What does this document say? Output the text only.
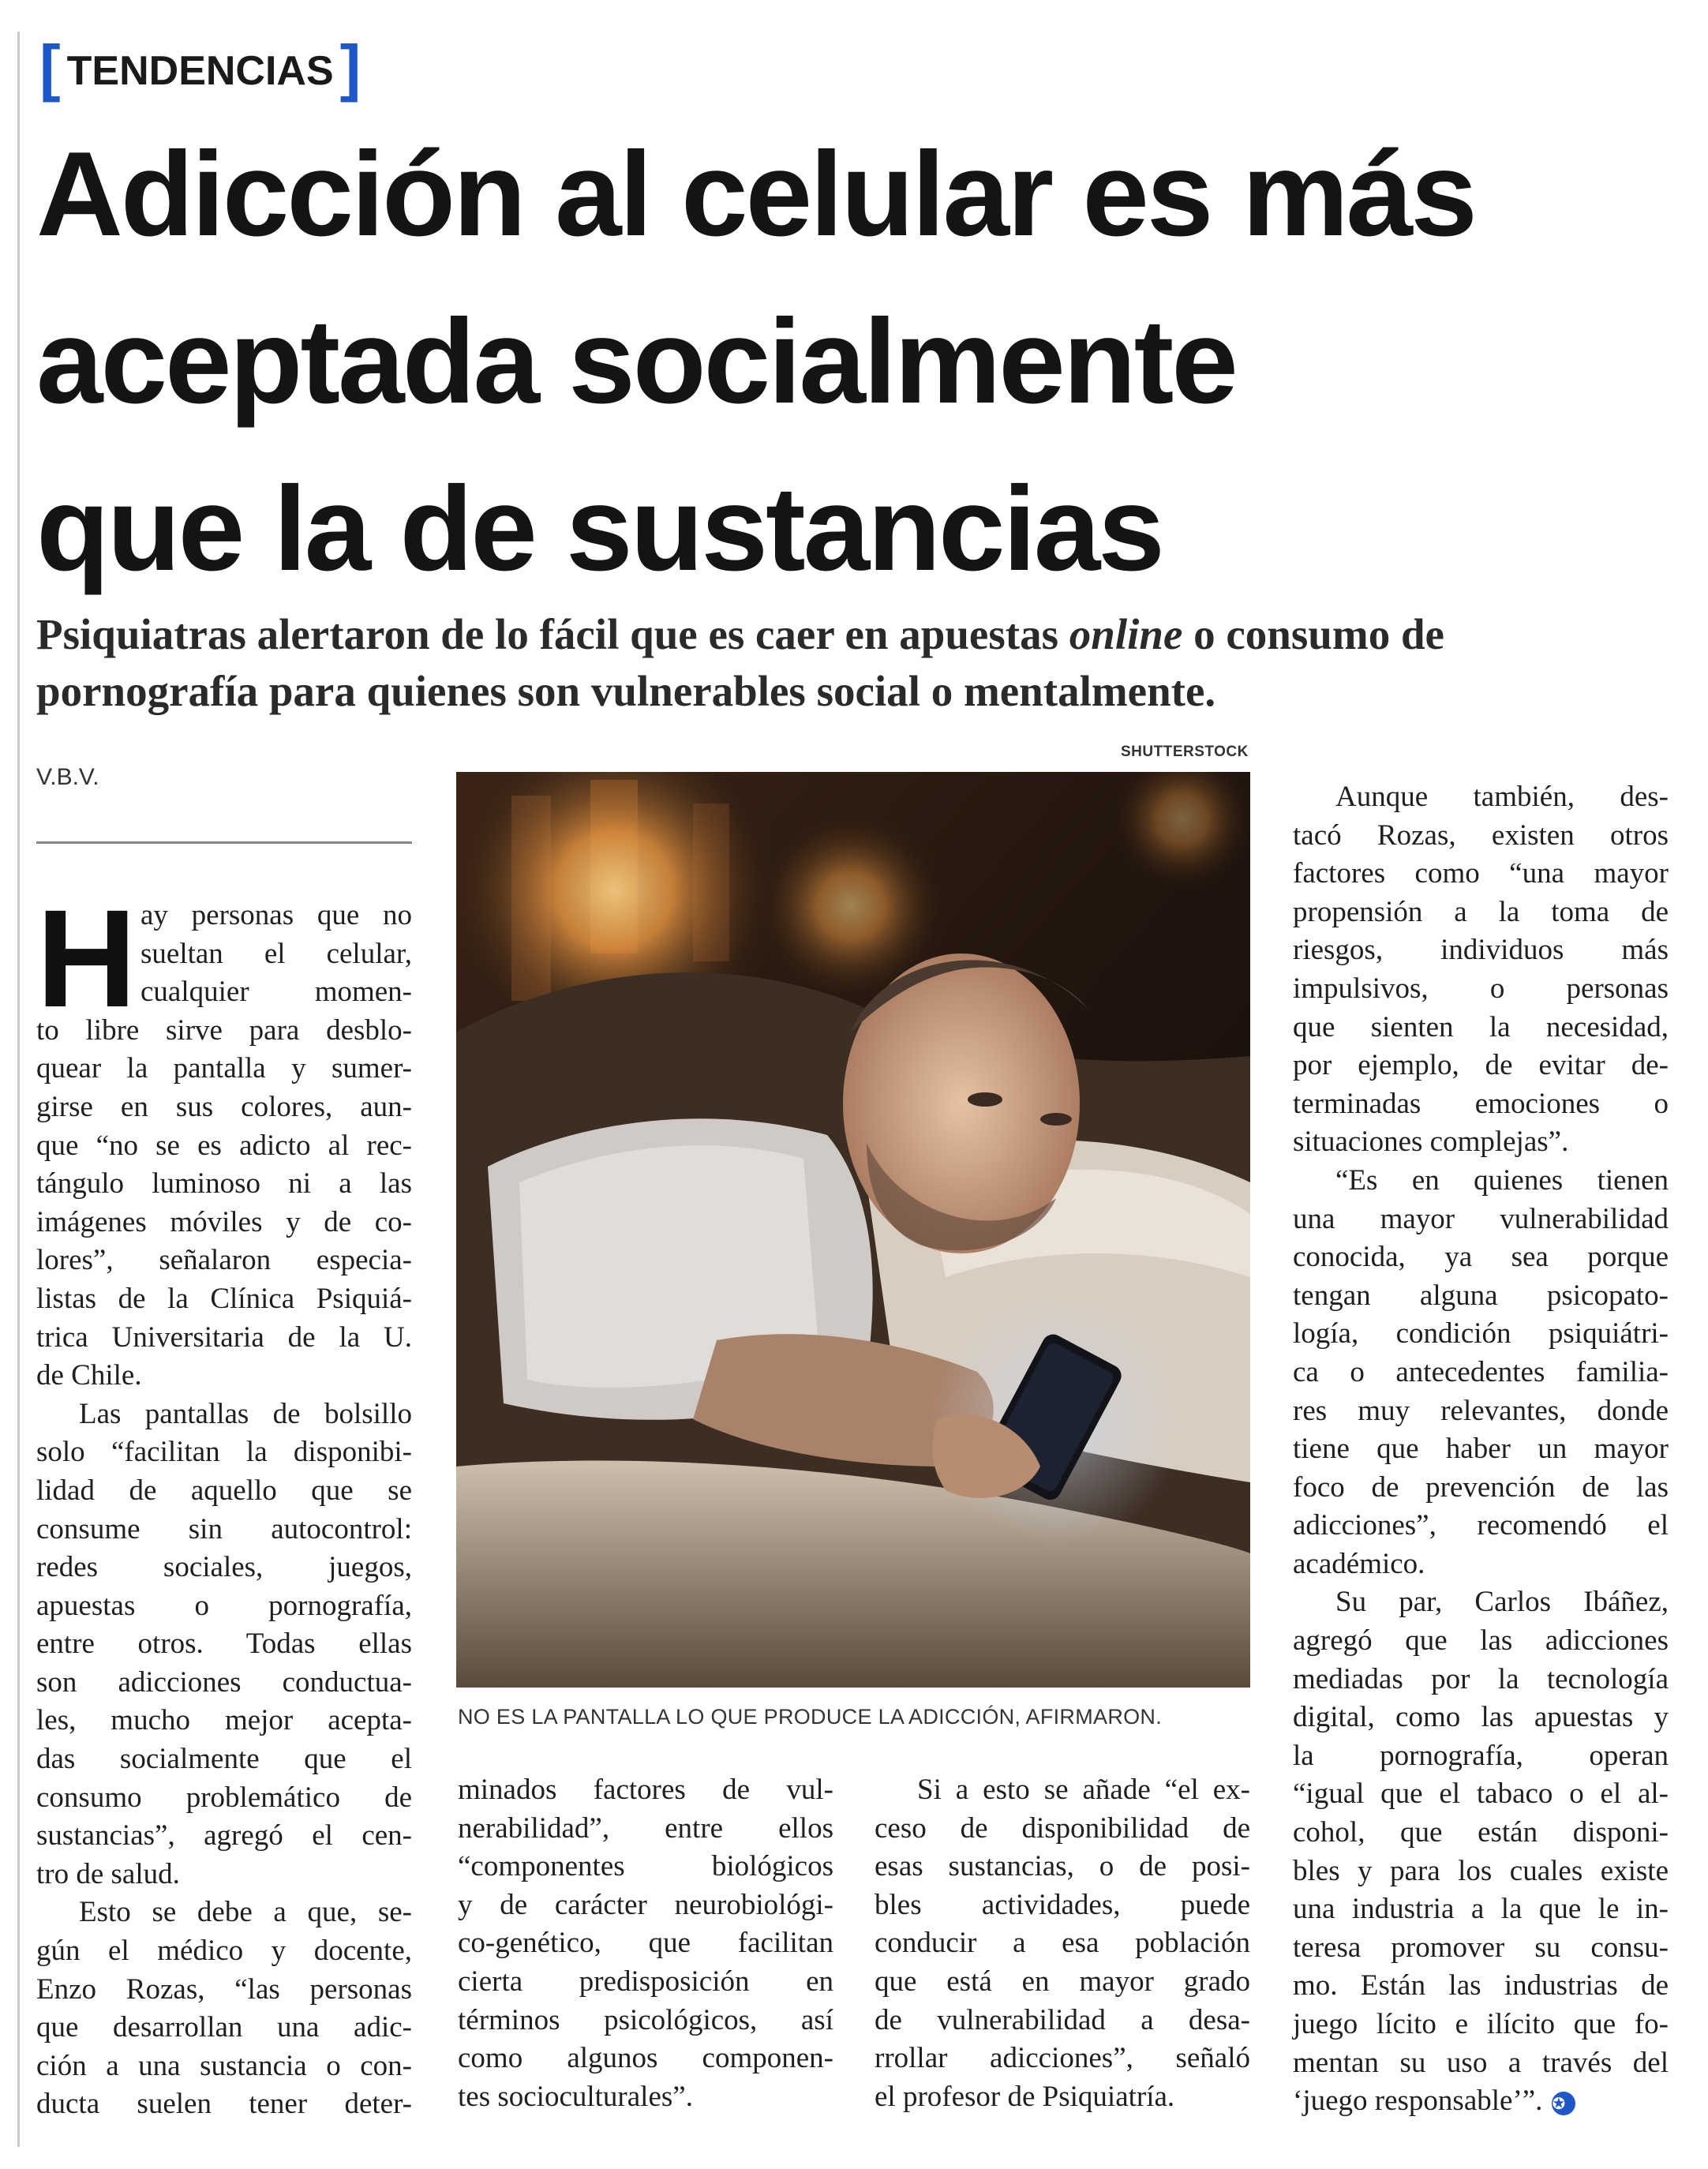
[ TENDENCIAS ]
Adicción al celular es más
aceptada socialmente
que la de sustancias
Psiquiatras alertaron de lo fácil que es caer en apuestas online o consumo de
pornografía para quienes son vulnerables social o mentalmente.
V.B.V.
SHUTTERSTOCK
NO ES LA PANTALLA LO QUE PRODUCE LA ADICCIÓN, AFIRMARON.
H ay personas que no
sueltan el celular,
cualquier momen-
to libre sirve para desblo-
quear la pantalla y sumer-
girse en sus colores, aun-
que “no se es adicto al rec-
tángulo luminoso ni a las
imágenes móviles y de co-
lores”, señalaron especia-
listas de la Clínica Psiquiá-
trica Universitaria de la U.
de Chile.
Las pantallas de bolsillo
solo “facilitan la disponibi-
lidad de aquello que se
consume sin autocontrol:
redes sociales, juegos,
apuestas o pornografía,
entre otros. Todas ellas
son adicciones conductua-
les, mucho mejor acepta-
das socialmente que el
consumo problemático de
sustancias”, agregó el cen-
tro de salud.
Esto se debe a que, se-
gún el médico y docente,
Enzo Rozas, “las personas
que desarrollan una adic-
ción a una sustancia o con-
ducta suelen tener deter-
minados factores de vul-
nerabilidad”, entre ellos
“componentes biológicos
y de carácter neurobiológi-
co-genético, que facilitan
cierta predisposición en
términos psicológicos, así
como algunos componen-
tes socioculturales”.
Si a esto se añade “el ex-
ceso de disponibilidad de
esas sustancias, o de posi-
bles actividades, puede
conducir a esa población
que está en mayor grado
de vulnerabilidad a desa-
rrollar adicciones”, señaló
el profesor de Psiquiatría.
Aunque también, des-
tacó Rozas, existen otros
factores como “una mayor
propensión a la toma de
riesgos, individuos más
impulsivos, o personas
que sienten la necesidad,
por ejemplo, de evitar de-
terminadas emociones o
situaciones complejas”.
“Es en quienes tienen
una mayor vulnerabilidad
conocida, ya sea porque
tengan alguna psicopato-
logía, condición psiquiátri-
ca o antecedentes familia-
res muy relevantes, donde
tiene que haber un mayor
foco de prevención de las
adicciones”, recomendó el
académico.
Su par, Carlos Ibáñez,
agregó que las adicciones
mediadas por la tecnología
digital, como las apuestas y
la pornografía, operan
“igual que el tabaco o el al-
cohol, que están disponi-
bles y para los cuales existe
una industria a la que le in-
teresa promover su consu-
mo. Están las industrias de
juego lícito e ilícito que fo-
mentan su uso a través del
‘juego responsable’”. ✪
